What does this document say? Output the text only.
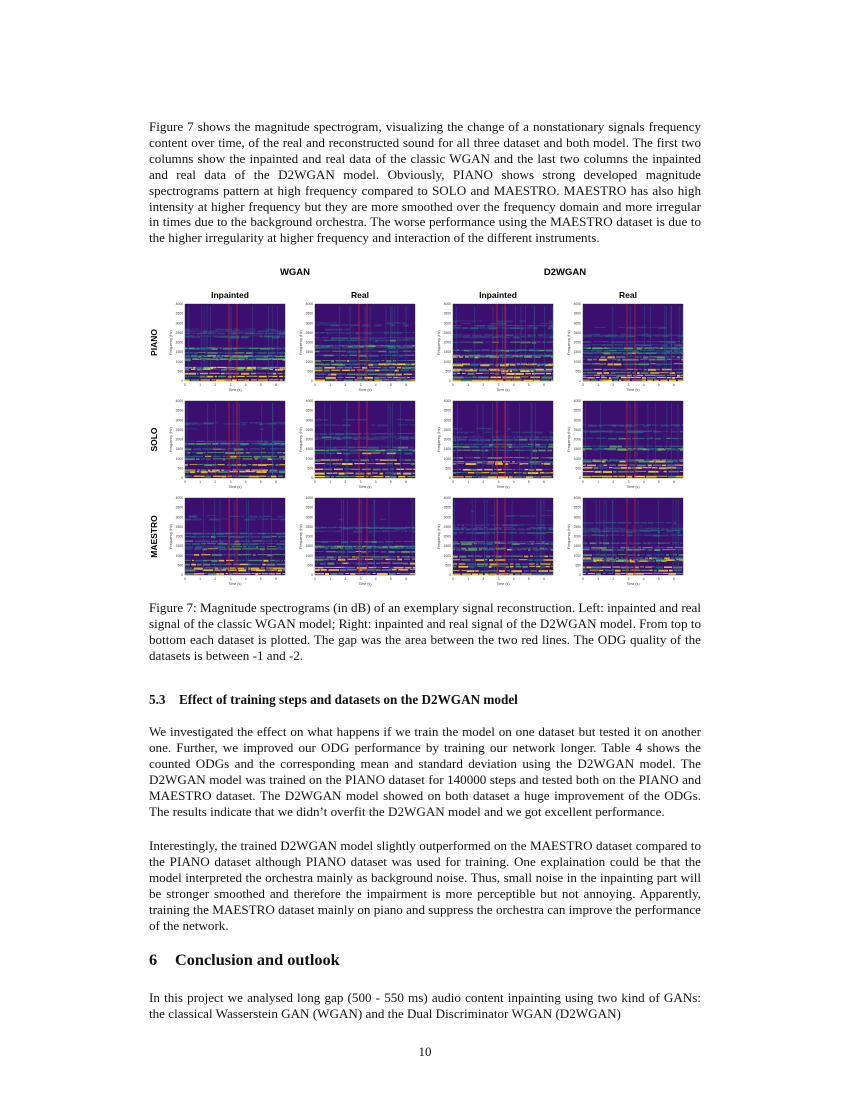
Figure 7 shows the magnitude spectrogram, visualizing the change of a nonstationary signals frequency content over time, of the real and reconstructed sound for all three dataset and both model. The first two columns show the inpainted and real data of the classic WGAN and the last two columns the inpainted and real data of the D2WGAN model. Obviously, PIANO shows strong developed magnitude spectrograms pattern at high frequency compared to SOLO and MAESTRO. MAESTRO has also high intensity at higher frequency but they are more smoothed over the frequency domain and more irregular in times due to the background orchestra. The worse performance using the MAESTRO dataset is due to the higher irregularity at higher frequency and interaction of the different instruments.

WGAN	D2WGAN
Inpainted	Real	Inpainted	Real
PIANO
SOLO
MAESTRO
0
500
1000
1500
2000
2500
3000
3500
4000
0	1	2	3	4	5	6
Time (s)
Frequency (Hz)
0
500
1000
1500
2000
2500
3000
3500
4000
0	1	2	3	4	5	6
Time (s)
Frequency (Hz)
0
500
1000
1500
2000
2500
3000
3500
4000
0	1	2	3	4	5	6
Time (s)
Frequency (Hz)
0
500
1000
1500
2000
2500
3000
3500
4000
0	1	2	3	4	5	6
Time (s)
Frequency (Hz)
0
500
1000
1500
2000
2500
3000
3500
4000
0	1	2	3	4	5	6
Time (s)
Frequency (Hz)
0
500
1000
1500
2000
2500
3000
3500
4000
0	1	2	3	4	5	6
Time (s)
Frequency (Hz)
0
500
1000
1500
2000
2500
3000
3500
4000
0	1	2	3	4	5	6
Time (s)
Frequency (Hz)
0
500
1000
1500
2000
2500
3000
3500
4000
0	1	2	3	4	5	6
Time (s)
Frequency (Hz)
0
500
1000
1500
2000
2500
3000
3500
4000
0	1	2	3	4	5	6
Time (s)
Frequency (Hz)
0
500
1000
1500
2000
2500
3000
3500
4000
0	1	2	3	4	5	6
Time (s)
Frequency (Hz)
0
500
1000
1500
2000
2500
3000
3500
4000
0	1	2	3	4	5	6
Time (s)
Frequency (Hz)
0
500
1000
1500
2000
2500
3000
3500
4000
0	1	2	3	4	5	6
Time (s)
Frequency (Hz)

Figure 7: Magnitude spectrograms (in dB) of an exemplary signal reconstruction. Left: inpainted and real signal of the classic WGAN model; Right: inpainted and real signal of the D2WGAN model. From top to bottom each dataset is plotted. The gap was the area between the two red lines. The ODG quality of the datasets is between -1 and -2.

5.3 Effect of training steps and datasets on the D2WGAN model

We investigated the effect on what happens if we train the model on one dataset but tested it on another one. Further, we improved our ODG performance by training our network longer. Table 4 shows the counted ODGs and the corresponding mean and standard deviation using the D2WGAN model. The D2WGAN model was trained on the PIANO dataset for 140000 steps and tested both on the PIANO and MAESTRO dataset. The D2WGAN model showed on both dataset a huge improvement of the ODGs. The results indicate that we didn’t overfit the D2WGAN model and we got excellent performance.

Interestingly, the trained D2WGAN model slightly outperformed on the MAESTRO dataset compared to the PIANO dataset although PIANO dataset was used for training. One explaination could be that the model interpreted the orchestra mainly as background noise. Thus, small noise in the inpainting part will be stronger smoothed and therefore the impairment is more perceptible but not annoying. Apparently, training the MAESTRO dataset mainly on piano and suppress the orchestra can improve the performance of the network.

6 Conclusion and outlook

In this project we analysed long gap (500 - 550 ms) audio content inpainting using two kind of GANs: the classical Wasserstein GAN (WGAN) and the Dual Discriminator WGAN (D2WGAN)

10
